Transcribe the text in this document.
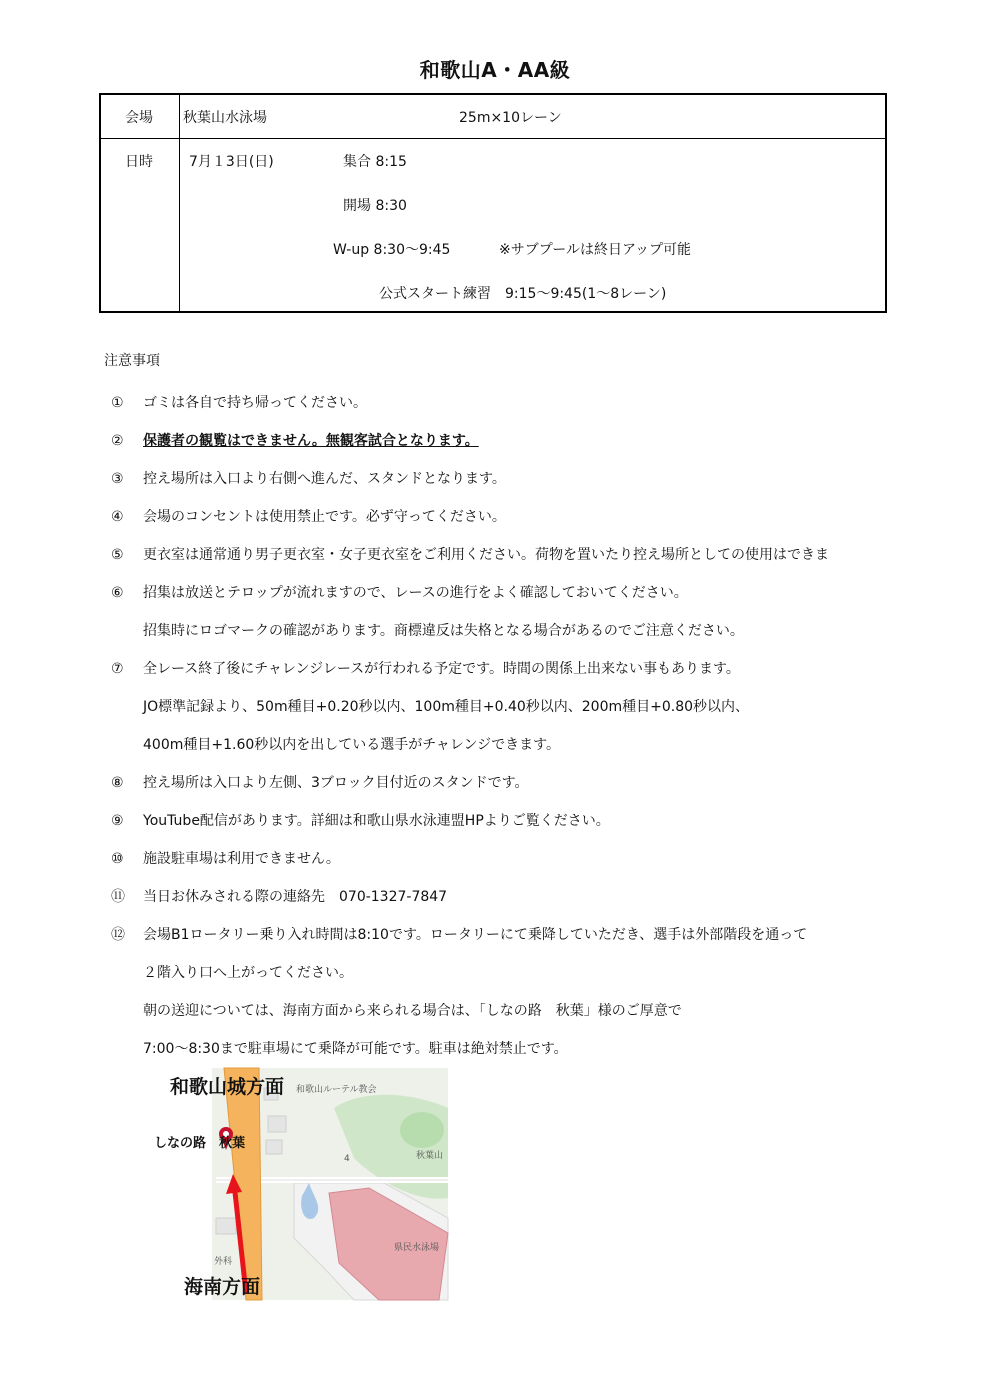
和歌山A・AA級
会場 秋葉山水泳場	25m×10レーン
日時	7月１3日(日)	集合 8:15
開場 8:30
W-up 8:30～9:45	※サブプールは終日アップ可能
公式スタート練習　9:15～9:45(1～8レーン)
注意事項
① ゴミは各自で持ち帰ってください。
② 保護者の観覧はできません。無観客試合となります。
③ 控え場所は入口より右側へ進んだ、スタンドとなります。
④ 会場のコンセントは使用禁止です。必ず守ってください。
⑤ 更衣室は通常通り男子更衣室・女子更衣室をご利用ください。荷物を置いたり控え場所としての使用はできま
⑥ 招集は放送とテロップが流れますので、レースの進行をよく確認しておいてください。
招集時にロゴマークの確認があります。商標違反は失格となる場合があるのでご注意ください。
⑦ 全レース終了後にチャレンジレースが行われる予定です。時間の関係上出来ない事もあります。
JO標準記録より、50m種目+0.20秒以内、100m種目+0.40秒以内、200m種目+0.80秒以内、
400m種目+1.60秒以内を出している選手がチャレンジできます。
⑧ 控え場所は入口より左側、3ブロック目付近のスタンドです。
⑨ YouTube配信があります。詳細は和歌山県水泳連盟HPよりご覧ください。
⑩ 施設駐車場は利用できません。
⑪ 当日お休みされる際の連絡先　070-1327-7847
⑫ 会場B1ロータリー乗り入れ時間は8:10です。ロータリーにて乗降していただき、選手は外部階段を通って
２階入り口へ上がってください。
朝の送迎については、海南方面から来られる場合は、「しなの路　秋葉」様のご厚意で
7:00～8:30まで駐車場にて乗降が可能です。駐車は絶対禁止です。
和歌山城方面
しなの路　秋葉
海南方面
和歌山ルーテル教会
県民水泳場
秋葉山
外科
4
